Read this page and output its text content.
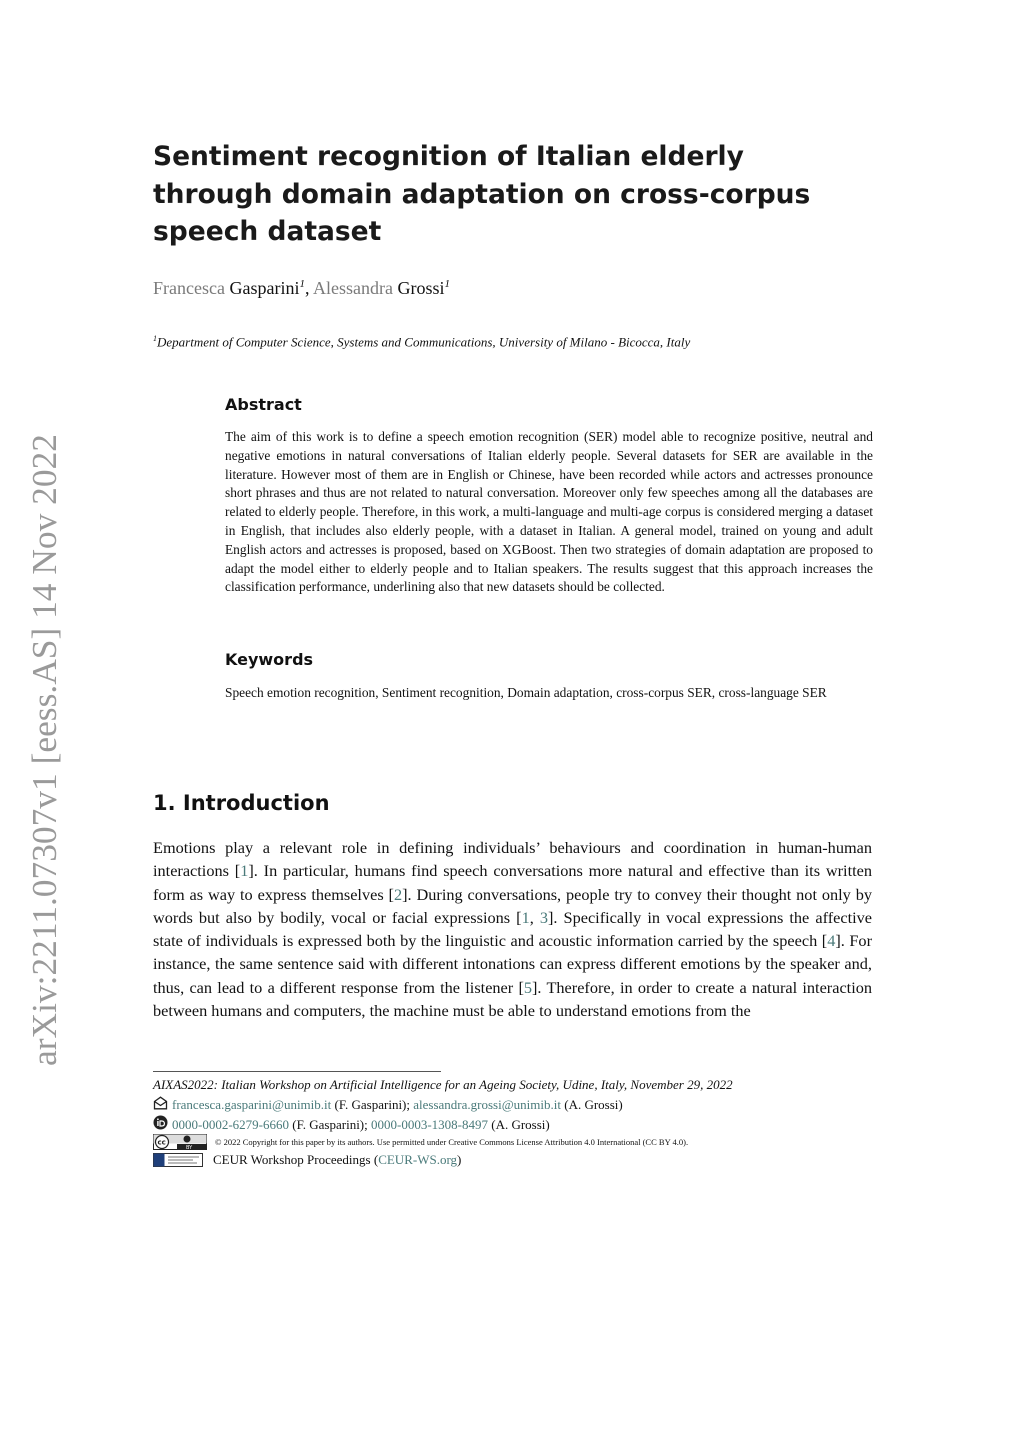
arXiv:2211.07307v1 [eess.AS] 14 Nov 2022
Sentiment recognition of Italian elderly through domain adaptation on cross-corpus speech dataset
Francesca Gasparini$^1$, Alessandra Grossi$^1$
$^1$Department of Computer Science, Systems and Communications, University of Milano - Bicocca, Italy
Abstract

The aim of this work is to define a speech emotion recognition (SER) model able to recognize positive, neutral and negative emotions in natural conversations of Italian elderly people. Several datasets for SER are available in the literature. However most of them are in English or Chinese, have been recorded while actors and actresses pronounce short phrases and thus are not related to natural conversation. Moreover only few speeches among all the databases are related to elderly people. Therefore, in this work, a multi-language and multi-age corpus is considered merging a dataset in English, that includes also elderly people, with a dataset in Italian. A general model, trained on young and adult English actors and actresses is proposed, based on XGBoost. Then two strategies of domain adaptation are proposed to adapt the model either to elderly people and to Italian speakers. The results suggest that this approach increases the classification performance, underlining also that new datasets should be collected.

Keywords

Speech emotion recognition, Sentiment recognition, Domain adaptation, cross-corpus SER, cross-language SER

1. Introduction

Emotions play a relevant role in defining individuals’ behaviours and coordination in human-human interactions [1]. In particular, humans find speech conversations more natural and effective than its written form as way to express themselves [2]. During conversations, people try to convey their thought not only by words but also by bodily, vocal or facial expressions [1, 3]. Specifically in vocal expressions the affective state of individuals is expressed both by the linguistic and acoustic information carried by the speech [4]. For instance, the same sentence said with different intonations can express different emotions by the speaker and, thus, can lead to a different response from the listener [5]. Therefore, in order to create a natural interaction between humans and computers, the machine must be able to understand emotions from the

AIXAS2022: Italian Workshop on Artificial Intelligence for an Ageing Society, Udine, Italy, November 29, 2022
francesca.gasparini@unimib.it (F. Gasparini); alessandra.grossi@unimib.it (A. Grossi)
0000-0002-6279-6660 (F. Gasparini); 0000-0003-1308-8497 (A. Grossi)
cc
BY
© 2022 Copyright for this paper by its authors. Use permitted under Creative Commons License Attribution 4.0 International (CC BY 4.0).
CEUR Workshop Proceedings ( CEUR-WS.org )
